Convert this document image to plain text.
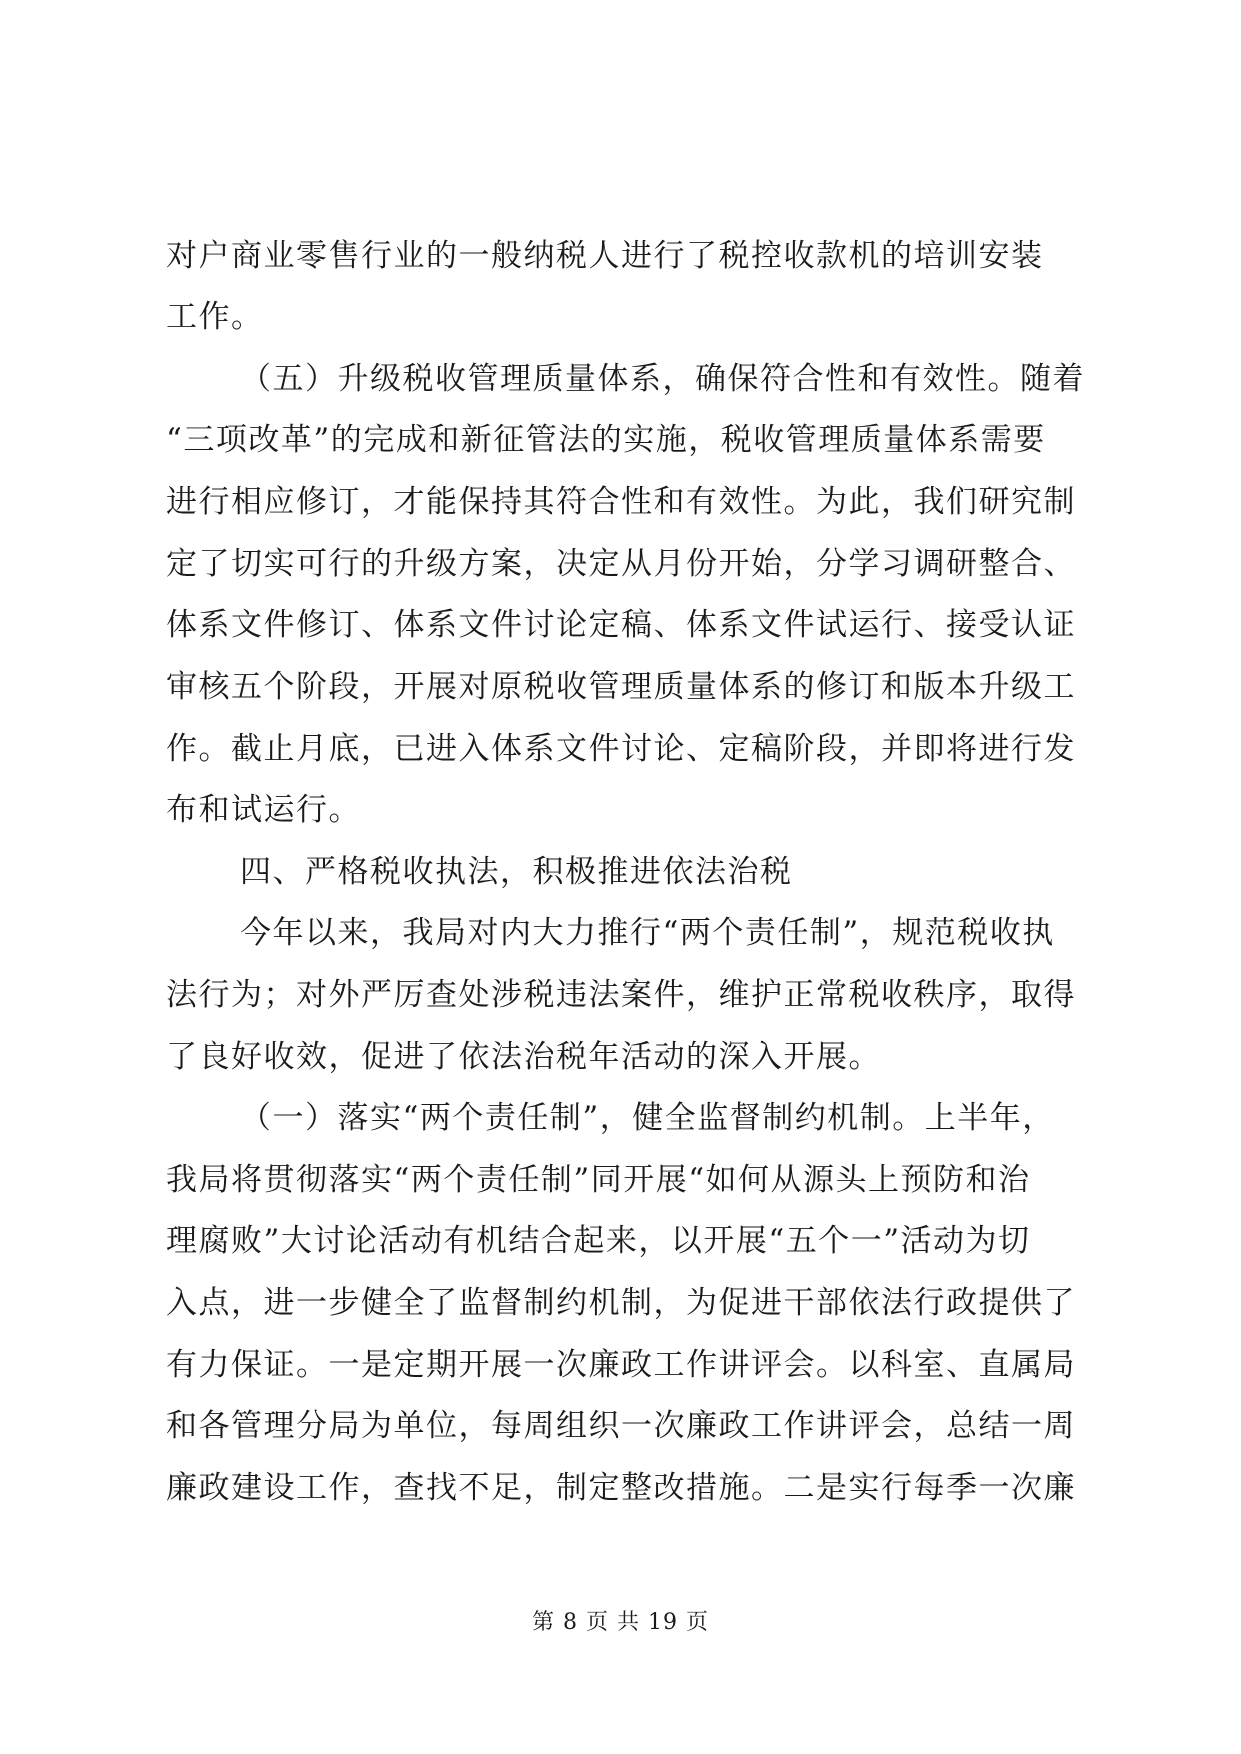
对户商业零售行业的一般纳税人进行了税控收款机的培训安装
工作。
（五）升级税收管理质量体系，确保符合性和有效性。随着
“三项改革”的完成和新征管法的实施，税收管理质量体系需要
进行相应修订，才能保持其符合性和有效性。为此，我们研究制
定了切实可行的升级方案，决定从月份开始，分学习调研整合、
体系文件修订、体系文件讨论定稿、体系文件试运行、接受认证
审核五个阶段，开展对原税收管理质量体系的修订和版本升级工
作。截止月底，已进入体系文件讨论、定稿阶段，并即将进行发
布和试运行。
四、严格税收执法，积极推进依法治税
今年以来，我局对内大力推行“两个责任制”，规范税收执
法行为；对外严厉查处涉税违法案件，维护正常税收秩序，取得
了良好收效，促进了依法治税年活动的深入开展。
（一）落实“两个责任制”，健全监督制约机制。上半年，
我局将贯彻落实“两个责任制”同开展“如何从源头上预防和治
理腐败”大讨论活动有机结合起来，以开展“五个一”活动为切
入点，进一步健全了监督制约机制，为促进干部依法行政提供了
有力保证。一是定期开展一次廉政工作讲评会。以科室、直属局
和各管理分局为单位，每周组织一次廉政工作讲评会，总结一周
廉政建设工作，查找不足，制定整改措施。二是实行每季一次廉
第 8 页 共 19 页
